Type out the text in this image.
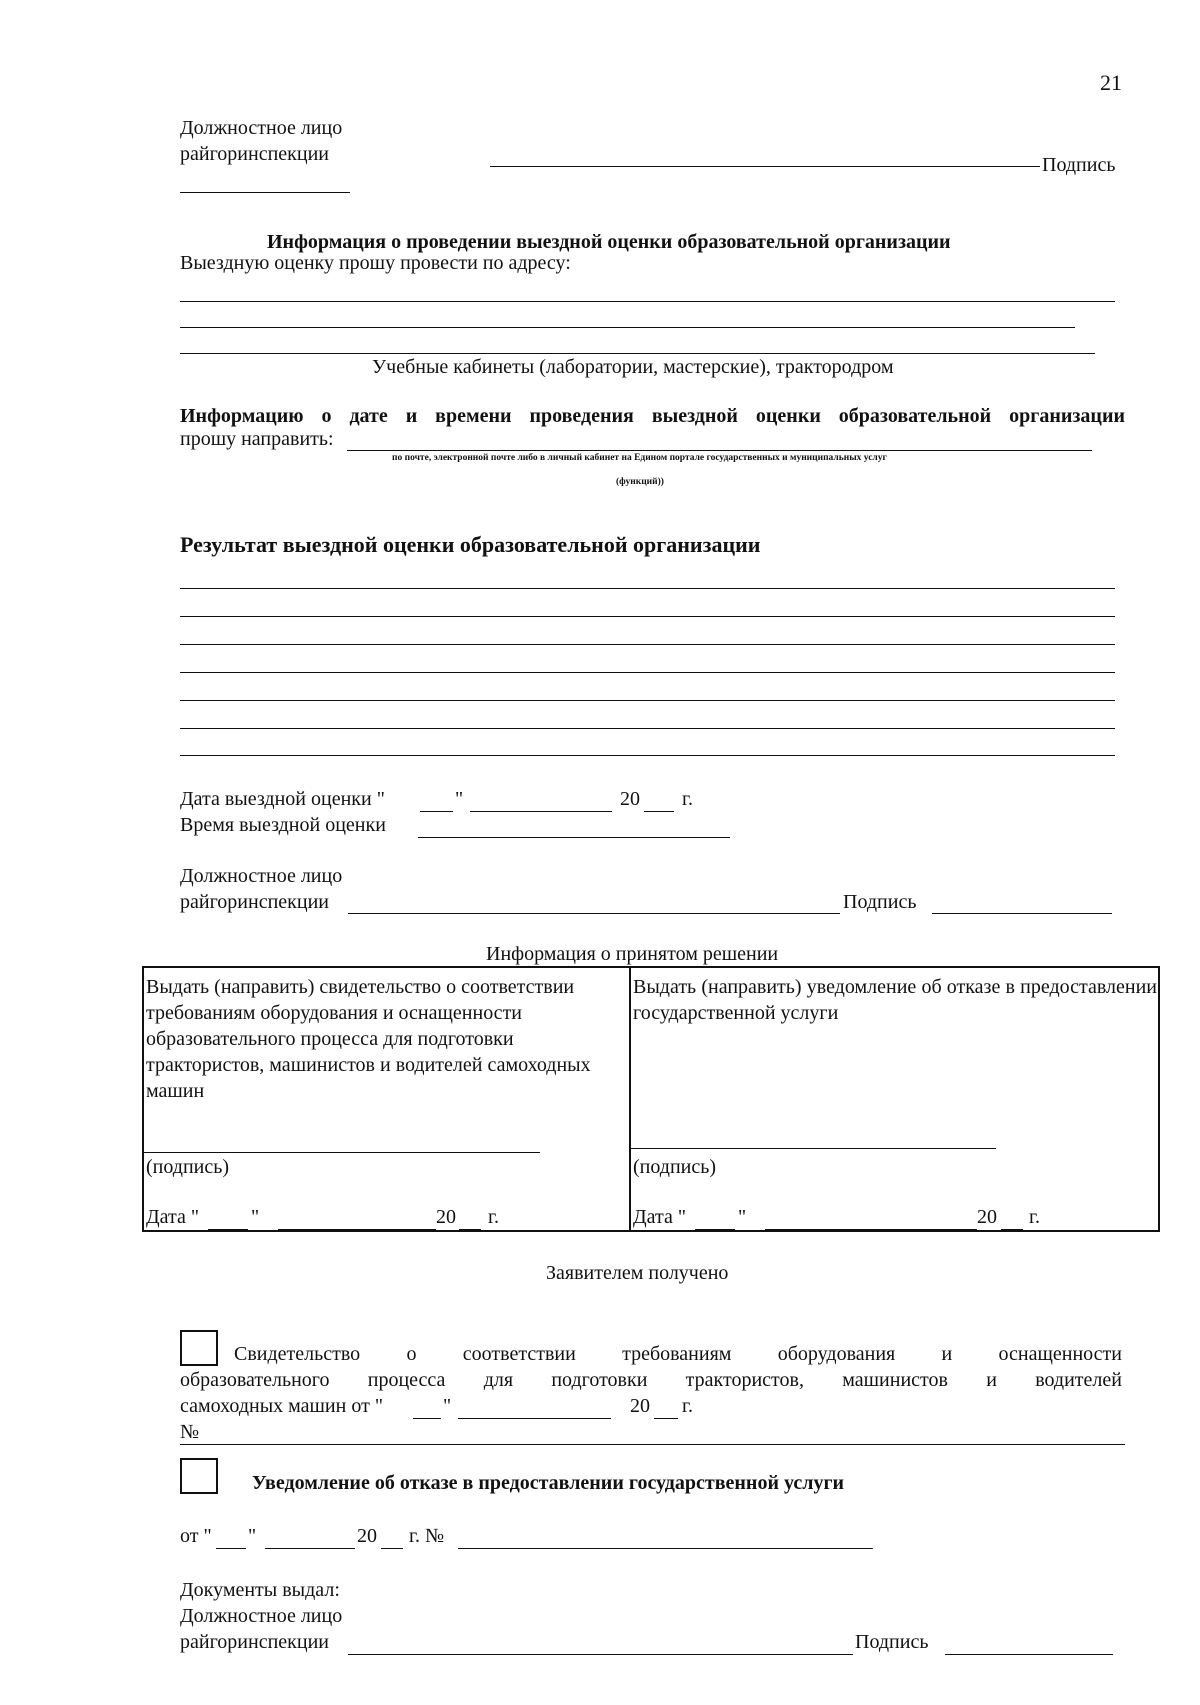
21
Должностное лицо
райгоринспекции	Подпись
Информация о проведении выездной оценки образовательной организации
Выездную оценку прошу провести по адресу:
Учебные кабинеты (лаборатории, мастерские), трактородром
Информацию о дате и времени проведения выездной оценки образовательной организации
прошу направить:
по почте, электронной почте либо в личный кабинет на Едином портале государственных и муниципальных услуг
(функций))
Результат выездной оценки образовательной организации
Дата выездной оценки "	"	20 г.
Время выездной оценки
Должностное лицо
райгоринспекции	Подпись
Информация о принятом решении
Выдать (направить) свидетельство о соответствии требованиям оборудования и оснащенности образовательного процесса для подготовки трактористов, машинистов и водителей самоходных машин
(подпись)
Дата "	"	20 г.
Выдать (направить) уведомление об отказе в предоставлении государственной услуги
(подпись)
Дата "	"	20 г.
Заявителем получено
Свидетельство о соответствии требованиям оборудования и оснащенности
образовательного процесса для подготовки трактористов, машинистов и водителей
самоходных машин от "	"	20 г.
№
Уведомление об отказе в предоставлении государственной услуги
от " "	20 г. №
Документы выдал:
Должностное лицо
райгоринспекции	Подпись
